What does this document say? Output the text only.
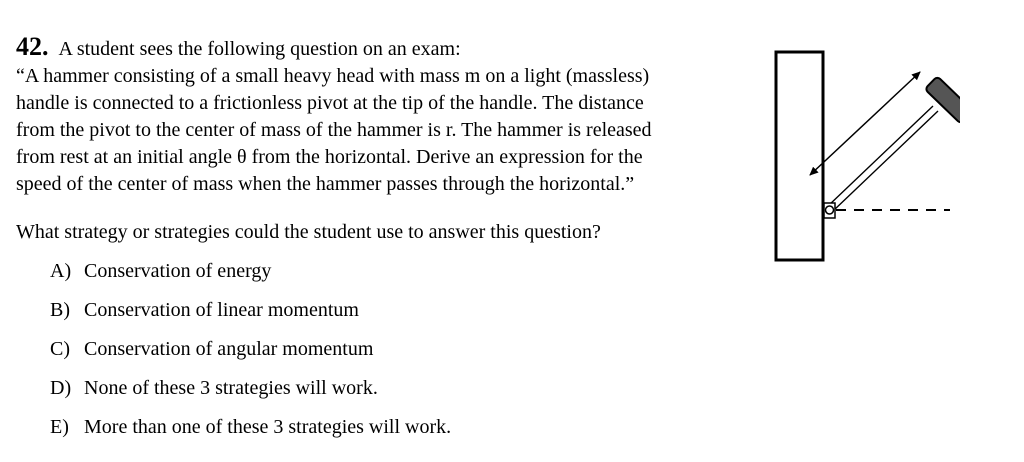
42. A student sees the following question on an exam:
“A hammer consisting of a small heavy head with mass m on a light (massless)
handle is connected to a frictionless pivot at the tip of the handle. The distance
from the pivot to the center of mass of the hammer is r. The hammer is released
from rest at an initial angle θ from the horizontal. Derive an expression for the
speed of the center of mass when the hammer passes through the horizontal.”
What strategy or strategies could the student use to answer this question?
A) Conservation of energy
B) Conservation of linear momentum
C) Conservation of angular momentum
D) None of these 3 strategies will work.
E) More than one of these 3 strategies will work.
